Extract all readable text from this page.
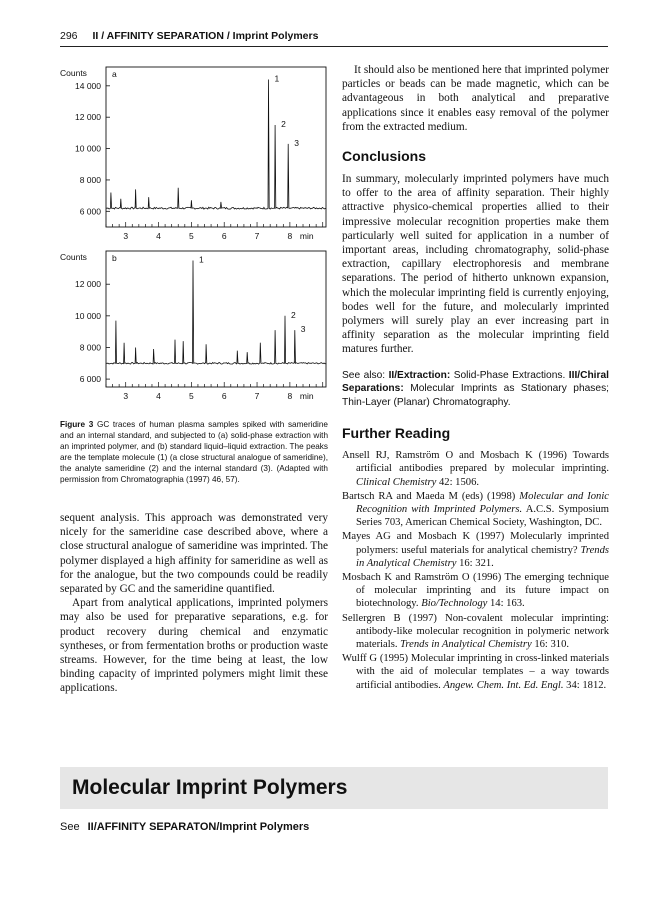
296 II / AFFINITY SEPARATION / Imprint Polymers
Counts	a
14 000
12 000
10 000
8 000
6 000
3	4	5	6	7	8 min
1
2
3
Counts	b
12 000
10 000
8 000
6 000
3	4	5	6	7	8 min
1
2
3
Figure 3 GC traces of human plasma samples spiked with sameridine and an internal standard, and subjected to (a) solid-phase extraction with an imprinted polymer, and (b) standard liquid–liquid extraction. The peaks are the template molecule (1) (a close structural analogue of sameridine), the analyte sameridine (2) and the internal standard (3). (Adapted with permission from Chromatographia (1997) 46, 57).

sequent analysis. This approach was demonstrated very nicely for the sameridine case described above, where a close structural analogue of sameridine was imprinted. The polymer displayed a high affinity for sameridine as well as for the analogue, but the two compounds could be readily separated by GC and the sameridine quantified.

Apart from analytical applications, imprinted polymers may also be used for preparative separations, e.g. for product recovery during chemical and enzymatic syntheses, or from fermentation broths or production waste streams. However, for the time being at least, the low binding capacity of imprinted polymers might limit these applications.

It should also be mentioned here that imprinted polymer particles or beads can be made magnetic, which can be advantageous in both analytical and preparative applications since it enables easy removal of the polymer from the extracted medium.

Conclusions

In summary, molecularly imprinted polymers have much to offer to the area of affinity separation. Their highly attractive physico-chemical properties allied to their impressive molecular recognition properties make them particularly well suited for application in a number of important areas, including chromatography, solid-phase extraction, capillary electrophoresis and membrane separations. The period of hitherto unknown expansion, which the molecular imprinting field is currently enjoying, bodes well for the future, and molecularly imprinted polymers will surely play an ever increasing part in affinity separation as the molecular imprinting field matures further.

See also: II/Extraction: Solid-Phase Extractions. III/Chiral Separations: Molecular Imprints as Stationary phases; Thin-Layer (Planar) Chromatography.
Further Reading
Ansell RJ, Ramström O and Mosbach K (1996) Towards artificial antibodies prepared by molecular imprinting. Clinical Chemistry 42: 1506.
Bartsch RA and Maeda M (eds) (1998) Molecular and Ionic Recognition with Imprinted Polymers. A.C.S. Symposium Series 703, American Chemical Society, Washington, DC.
Mayes AG and Mosbach K (1997) Molecularly imprinted polymers: useful materials for analytical chemistry? Trends in Analytical Chemistry 16: 321.
Mosbach K and Ramström O (1996) The emerging technique of molecular imprinting and its future impact on biotechnology. Bio/Technology 14: 163.
Sellergren B (1997) Non-covalent molecular imprinting: antibody-like molecular recognition in polymeric network materials. Trends in Analytical Chemistry 16: 310.
Wulff G (1995) Molecular imprinting in cross-linked materials with the aid of molecular templates – a way towards artificial antibodies. Angew. Chem. Int. Ed. Engl. 34: 1812.
Molecular Imprint Polymers
See II/AFFINITY SEPARATON/Imprint Polymers
